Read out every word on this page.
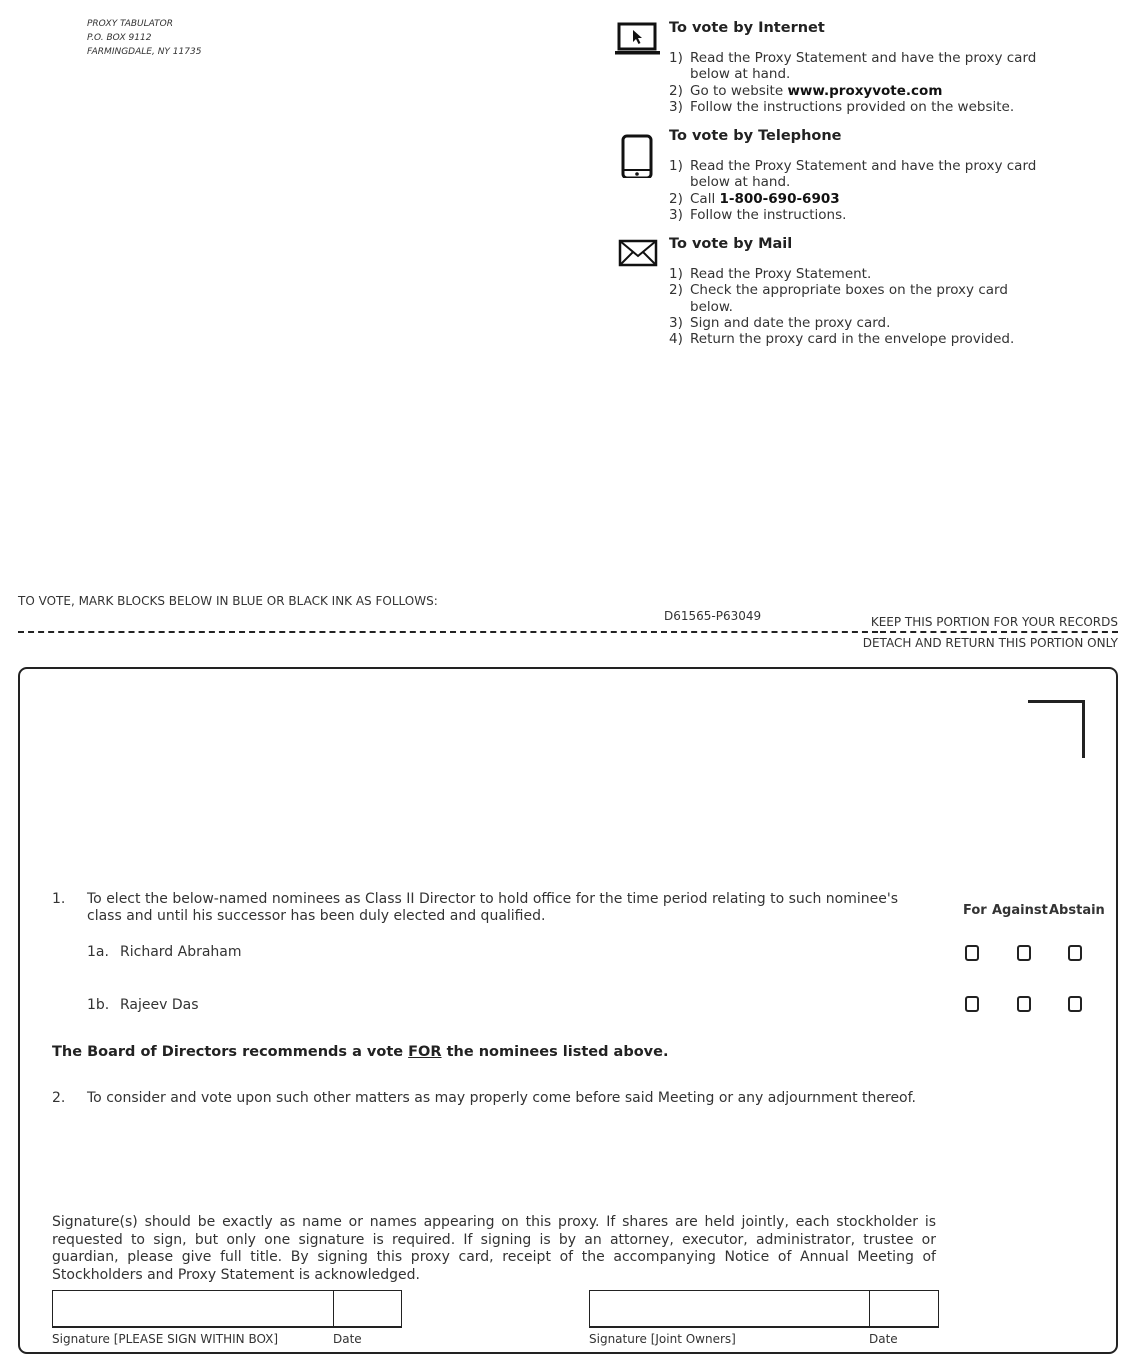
PROXY TABULATOR
P.O. BOX 9112
FARMINGDALE, NY 11735
To vote by Internet
1) Read the Proxy Statement and have the proxy card below at hand.
2) Go to website www.proxyvote.com
3) Follow the instructions provided on the website.
To vote by Telephone
1) Read the Proxy Statement and have the proxy card below at hand.
2) Call 1-800-690-6903
3) Follow the instructions.
To vote by Mail
1) Read the Proxy Statement.
2) Check the appropriate boxes on the proxy card below.
3) Sign and date the proxy card.
4) Return the proxy card in the envelope provided.
TO VOTE, MARK BLOCKS BELOW IN BLUE OR BLACK INK AS FOLLOWS:
D61565-P63049	KEEP THIS PORTION FOR YOUR RECORDS
DETACH AND RETURN THIS PORTION ONLY
1. To elect the below-named nominees as Class II Director to hold office for the time period relating to such nominee's class and until his successor has been duly elected and qualified.	For Against Abstain
1a. Richard Abraham
1b. Rajeev Das
The Board of Directors recommends a vote FOR the nominees listed above.
2. To consider and vote upon such other matters as may properly come before said Meeting or any adjournment thereof.
Signature(s) should be exactly as name or names appearing on this proxy. If shares are held jointly, each stockholder is requested to sign, but only one signature is required. If signing is by an attorney, executor, administrator, trustee or guardian, please give full title. By signing this proxy card, receipt of the accompanying Notice of Annual Meeting of Stockholders and Proxy Statement is acknowledged.
Signature [PLEASE SIGN WITHIN BOX]	Date	Signature [Joint Owners]	Date
